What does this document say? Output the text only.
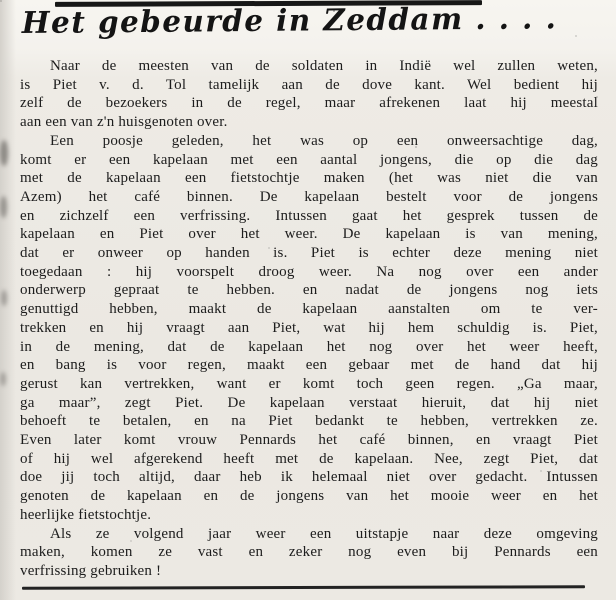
Het gebeurde in Zeddam . . . .
Naar de meesten van de soldaten in Indië wel zullen weten,
is Piet v. d. Tol tamelijk aan de dove kant. Wel bedient hij
zelf de bezoekers in de regel, maar afrekenen laat hij meestal
aan een van z'n huisgenoten over.
Een poosje geleden, het was op een onweersachtige dag,
komt er een kapelaan met een aantal jongens, die op die dag
met de kapelaan een fietstochtje maken (het was niet die van
Azem) het café binnen. De kapelaan bestelt voor de jongens
en zichzelf een verfrissing. Intussen gaat het gesprek tussen de
kapelaan en Piet over het weer. De kapelaan is van mening,
dat er onweer op handen is. Piet is echter deze mening niet
toegedaan : hij voorspelt droog weer. Na nog over een ander
onderwerp gepraat te hebben. en nadat de jongens nog iets
genuttigd hebben, maakt de kapelaan aanstalten om te ver-
trekken en hij vraagt aan Piet, wat hij hem schuldig is. Piet,
in de mening, dat de kapelaan het nog over het weer heeft,
en bang is voor regen, maakt een gebaar met de hand dat hij
gerust kan vertrekken, want er komt toch geen regen. „Ga maar,
ga maar”, zegt Piet. De kapelaan verstaat hieruit, dat hij niet
behoeft te betalen, en na Piet bedankt te hebben, vertrekken ze.
Even later komt vrouw Pennards het café binnen, en vraagt Piet
of hij wel afgerekend heeft met de kapelaan. Nee, zegt Piet, dat
doe jij toch altijd, daar heb ik helemaal niet over gedacht. Intussen
genoten de kapelaan en de jongens van het mooie weer en het
heerlijke fietstochtje.
Als ze volgend jaar weer een uitstapje naar deze omgeving
maken, komen ze vast en zeker nog even bij Pennards een
verfrissing gebruiken !
